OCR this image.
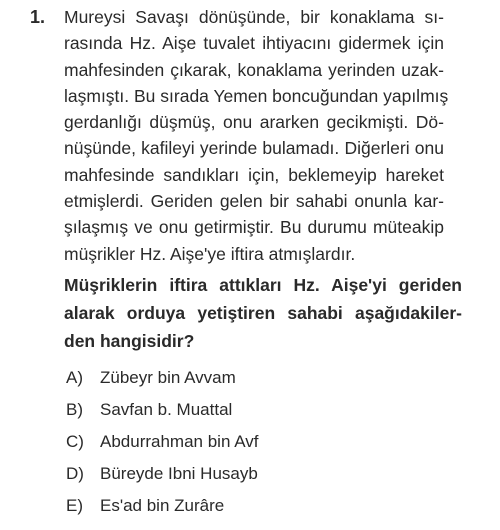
1. Mureysi Savaşı dönüşünde, bir konaklama sı-
rasında Hz. Aişe tuvalet ihtiyacını gidermek için
mahfesinden çıkarak, konaklama yerinden uzak-
laşmıştı. Bu sırada Yemen boncuğundan yapılmış
gerdanlığı düşmüş, onu ararken gecikmişti. Dö-
nüşünde, kafileyi yerinde bulamadı. Diğerleri onu
mahfesinde sandıkları için, beklemeyip hareket
etmişlerdi. Geriden gelen bir sahabi onunla kar-
şılaşmış ve onu getirmiştir. Bu durumu müteakip
müşrikler Hz. Aişe'ye iftira atmışlardır.
Müşriklerin iftira attıkları Hz. Aişe'yi geriden
alarak orduya yetiştiren sahabi aşağıdakiler-
den hangisidir?
A)	Zübeyr bin Avvam
B)	Savfan b. Muattal
C) Abdurrahman bin Avf
D) Büreyde Ibni Husayb
E)	Es'ad bin Zurâre
